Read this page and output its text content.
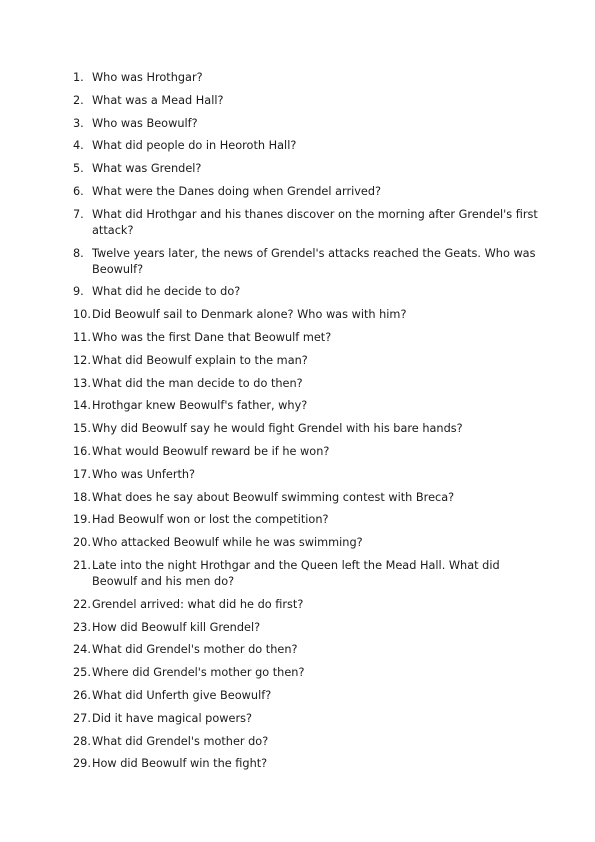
1. Who was Hrothgar?
2. What was a Mead Hall?
3. Who was Beowulf?
4. What did people do in Heoroth Hall?
5. What was Grendel?
6. What were the Danes doing when Grendel arrived?
7. What did Hrothgar and his thanes discover on the morning after Grendel's first attack?
8. Twelve years later, the news of Grendel's attacks reached the Geats. Who was Beowulf?
9. What did he decide to do?
10. Did Beowulf sail to Denmark alone? Who was with him?
11. Who was the first Dane that Beowulf met?
12. What did Beowulf explain to the man?
13. What did the man decide to do then?
14. Hrothgar knew Beowulf's father, why?
15. Why did Beowulf say he would fight Grendel with his bare hands?
16. What would Beowulf reward be if he won?
17. Who was Unferth?
18. What does he say about Beowulf swimming contest with Breca?
19. Had Beowulf won or lost the competition?
20. Who attacked Beowulf while he was swimming?
21. Late into the night Hrothgar and the Queen left the Mead Hall. What did Beowulf and his men do?
22. Grendel arrived: what did he do first?
23. How did Beowulf kill Grendel?
24. What did Grendel's mother do then?
25. Where did Grendel's mother go then?
26. What did Unferth give Beowulf?
27. Did it have magical powers?
28. What did Grendel's mother do?
29. How did Beowulf win the fight?
